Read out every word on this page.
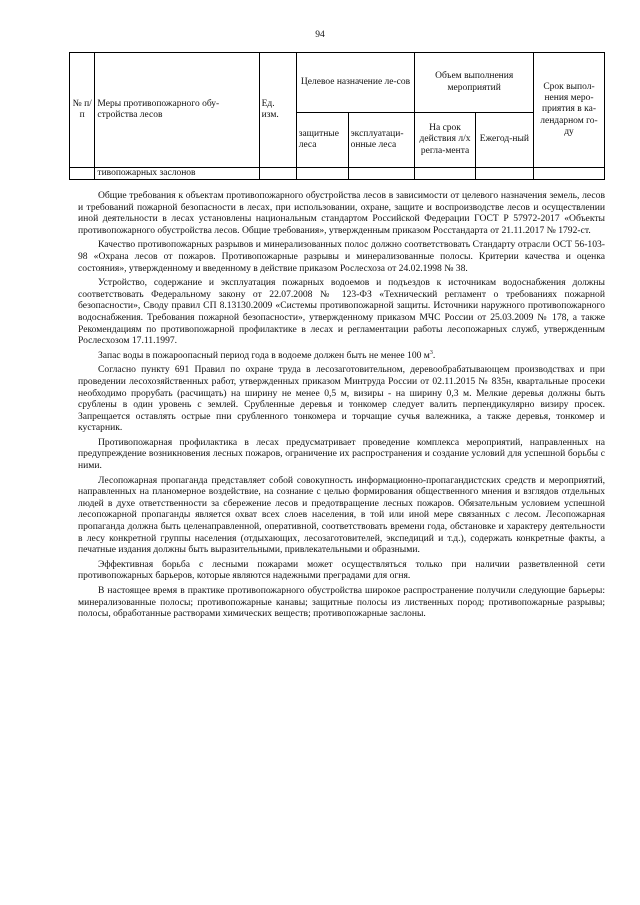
94
№ п/п	Меры противопожарного обу-стройства лесов	Ед. изм.	Целевое назначение ле-сов		Объем выполнения мероприятий		Срок выпол-нения меро-приятия в ка-лендарном го-ду
			защитные леса	эксплуатаци-онные леса	На срок действия л/х регла-мента	Ежегод-ный	
	тивопожарных заслонов						

Общие требования к объектам противопожарного обустройства лесов в зависимости от целевого назначения земель, лесов и требований пожарной безопасности в лесах, при использовании, охране, защите и воспроизводстве лесов и осуществлении иной деятельности в лесах установлены национальным стандартом Российской Федерации ГОСТ Р 57972-2017 «Объекты противопожарного обустройства лесов. Общие требования», утвержденным приказом Росстандарта от 21.11.2017 № 1792-ст.

Качество противопожарных разрывов и минерализованных полос должно соответствовать Стандарту отрасли ОСТ 56-103-98 «Охрана лесов от пожаров. Противопожарные разрывы и минерализованные полосы. Критерии качества и оценка состояния», утвержденному и введенному в действие приказом Рослесхоза от 24.02.1998 № 38.

Устройство, содержание и эксплуатация пожарных водоемов и подъездов к источникам водоснабжения должны соответствовать Федеральному закону от 22.07.2008 № 123-ФЗ «Технический регламент о требованиях пожарной безопасности», Своду правил СП 8.13130.2009 «Системы противопожарной защиты. Источники наружного противопожарного водоснабжения. Требования пожарной безопасности», утвержденному приказом МЧС России от 25.03.2009 № 178, а также Рекомендациям по противопожарной профилактике в лесах и регламентации работы лесопожарных служб, утвержденным Рослесхозом 17.11.1997.

Запас воды в пожароопасный период года в водоеме должен быть не менее 100 $м^3$.

Согласно пункту 691 Правил по охране труда в лесозаготовительном, деревообрабатывающем производствах и при проведении лесохозяйственных работ, утвержденных приказом Минтруда России от 02.11.2015 № 835н, квартальные просеки необходимо прорубать (расчищать) на ширину не менее 0,5 м, визиры - на ширину 0,3 м. Мелкие деревья должны быть срублены в один уровень с землей. Срубленные деревья и тонкомер следует валить перпендикулярно визиру просек. Запрещается оставлять острые пни срубленного тонкомера и торчащие сучья валежника, а также деревья, тонкомер и кустарник.

Противопожарная профилактика в лесах предусматривает проведение комплекса мероприятий, направленных на предупреждение возникновения лесных пожаров, ограничение их распространения и создание условий для успешной борьбы с ними.

Лесопожарная пропаганда представляет собой совокупность информационно-пропагандистских средств и мероприятий, направленных на планомерное воздействие, на сознание с целью формирования общественного мнения и взглядов отдельных людей в духе ответственности за сбережение лесов и предотвращение лесных пожаров. Обязательным условием успешной лесопожарной пропаганды является охват всех слоев населения, в той или иной мере связанных с лесом. Лесопожарная пропаганда должна быть целенаправленной, оперативной, соответствовать времени года, обстановке и характеру деятельности в лесу конкретной группы населения (отдыхающих, лесозаготовителей, экспедиций и т.д.), содержать конкретные факты, а печатные издания должны быть выразительными, привлекательными и образными.

Эффективная борьба с лесными пожарами может осуществляться только при наличии разветвленной сети противопожарных барьеров, которые являются надежными преградами для огня.

В настоящее время в практике противопожарного обустройства широкое распространение получили следующие барьеры: минерализованные полосы; противопожарные канавы; защитные полосы из лиственных пород; противопожарные разрывы; полосы, обработанные растворами химических веществ; противопожарные заслоны.
